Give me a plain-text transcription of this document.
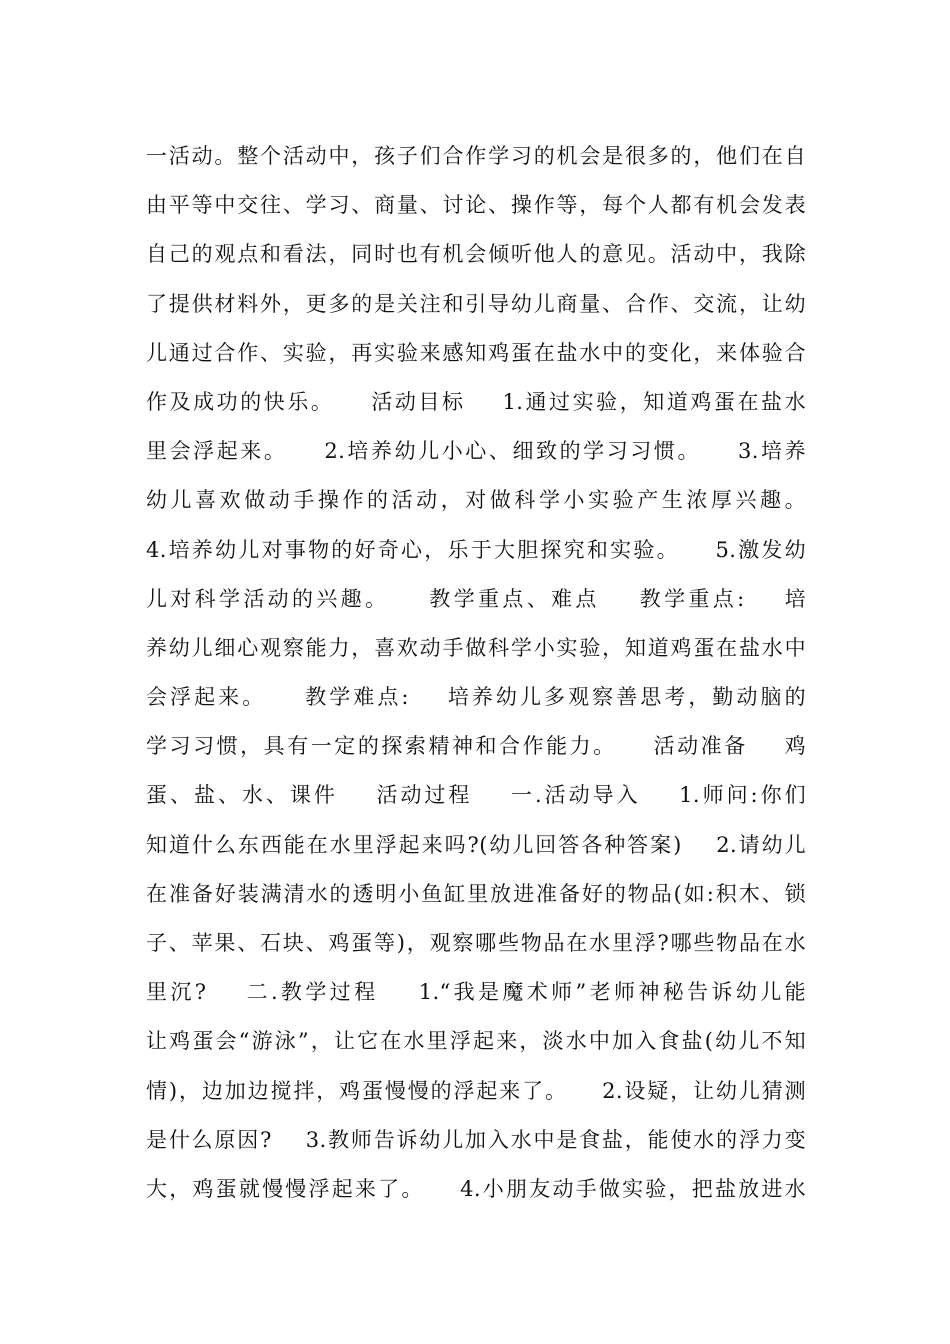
一活动。整个活动中，孩子们合作学习的机会是很多的，他们在自
由平等中交往、学习、商量、讨论、操作等，每个人都有机会发表
自己的观点和看法，同时也有机会倾听他人的意见。活动中，我除
了提供材料外，更多的是关注和引导幼儿商量、合作、交流，让幼
儿通过合作、实验，再实验来感知鸡蛋在盐水中的变化，来体验合
作及成功的快乐。    活动目标    1.通过实验，知道鸡蛋在盐水
里会浮起来。    2.培养幼儿小心、细致的学习习惯。    3.培养
幼儿喜欢做动手操作的活动，对做科学小实验产生浓厚兴趣。
4.培养幼儿对事物的好奇心，乐于大胆探究和实验。    5.激发幼
儿对科学活动的兴趣。    教学重点、难点    教学重点:    培
养幼儿细心观察能力，喜欢动手做科学小实验，知道鸡蛋在盐水中
会浮起来。    教学难点:    培养幼儿多观察善思考，勤动脑的
学习习惯，具有一定的探索精神和合作能力。    活动准备    鸡
蛋、盐、水、课件    活动过程    一.活动导入    1.师问:你们
知道什么东西能在水里浮起来吗?(幼儿回答各种答案)    2.请幼儿
在准备好装满清水的透明小鱼缸里放进准备好的物品(如:积木、锁
子、苹果、石块、鸡蛋等)，观察哪些物品在水里浮?哪些物品在水
里沉?    二.教学过程    1.“我是魔术师”老师神秘告诉幼儿能
让鸡蛋会“游泳”，让它在水里浮起来，淡水中加入食盐(幼儿不知
情)，边加边搅拌，鸡蛋慢慢的浮起来了。    2.设疑，让幼儿猜测
是什么原因?    3.教师告诉幼儿加入水中是食盐，能使水的浮力变
大，鸡蛋就慢慢浮起来了。    4.小朋友动手做实验，把盐放进水
